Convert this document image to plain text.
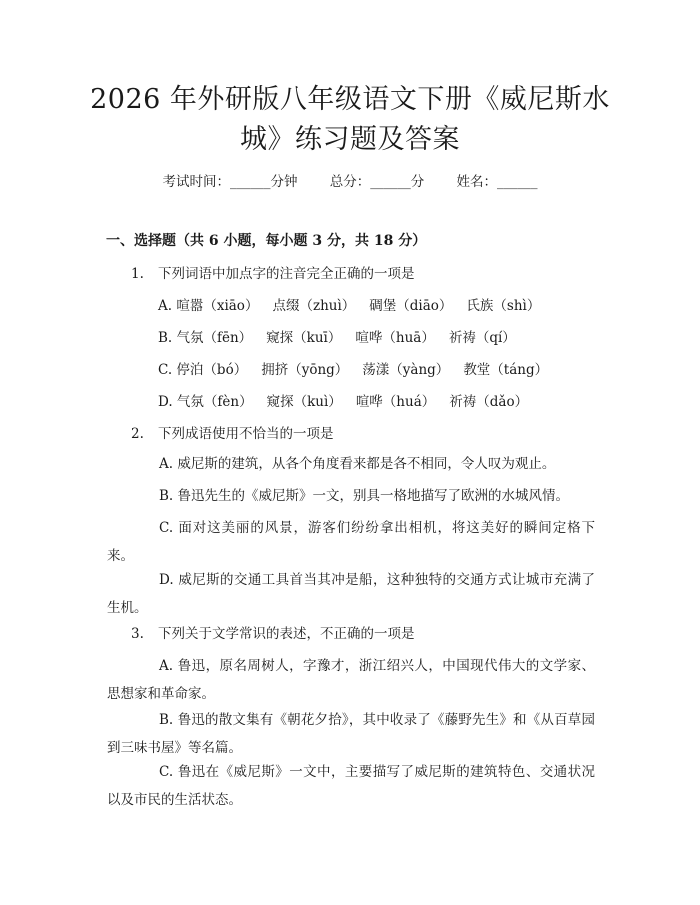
2026 年外研版八年级语文下册《威尼斯水
城》练习题及答案
考试时间：______分钟 总分：______分 姓名：______
一、选择题（共 6 小题，每小题 3 分，共 18 分）
1. 下列词语中加点字的注音完全正确的一项是
A. 喧嚣（xiāo） 点缀（zhuì） 碉堡（diāo） 氏族（shì）
B. 气氛（fēn） 窥探（kuī） 喧哗（huā） 祈祷（qí）
C. 停泊（bó） 拥挤（yōng） 荡漾（yàng） 教堂（táng）
D. 气氛（fèn） 窥探（kuì） 喧哗（huá） 祈祷（dǎo）
2. 下列成语使用不恰当的一项是
A. 威尼斯的建筑，从各个角度看来都是各不相同，令人叹为观止。
B. 鲁迅先生的《威尼斯》一文，别具一格地描写了欧洲的水城风情。
C. 面对这美丽的风景，游客们纷纷拿出相机，将这美好的瞬间定格下来。
D. 威尼斯的交通工具首当其冲是船，这种独特的交通方式让城市充满了生机。
3. 下列关于文学常识的表述，不正确的一项是
A. 鲁迅，原名周树人，字豫才，浙江绍兴人，中国现代伟大的文学家、思想家和革命家。
B. 鲁迅的散文集有《朝花夕拾》，其中收录了《藤野先生》和《从百草园到三味书屋》等名篇。
C. 鲁迅在《威尼斯》一文中，主要描写了威尼斯的建筑特色、交通状况以及市民的生活状态。
